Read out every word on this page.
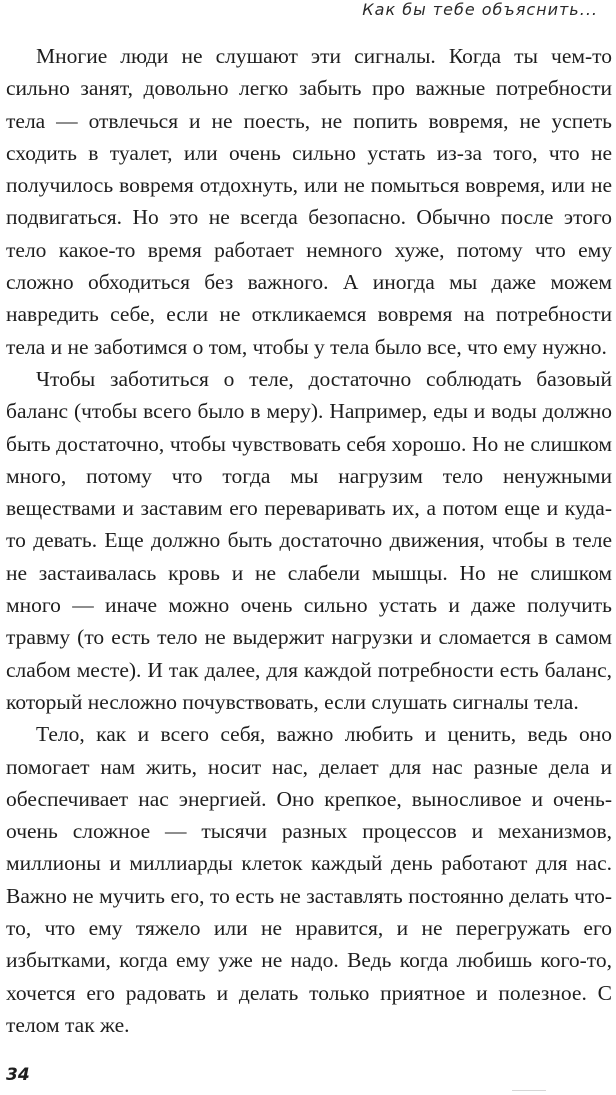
Как бы тебе объяснить...

Многие люди не слушают эти сигналы. Когда ты чем-то сильно занят, довольно легко забыть про важные потребности тела — отвлечься и не поесть, не попить вовремя, не успеть сходить в туалет, или очень сильно устать из-за того, что не получилось вовремя отдохнуть, или не помыться вовремя, или не подвигаться. Но это не всегда безопасно. Обычно после этого тело какое-то время работает немного хуже, потому что ему сложно обходиться без важного. А иногда мы даже можем навредить себе, если не откликаемся вовремя на потребности тела и не заботимся о том, чтобы у тела было все, что ему нужно.

Чтобы заботиться о теле, достаточно соблюдать базовый баланс (чтобы всего было в меру). Например, еды и воды должно быть достаточно, чтобы чувствовать себя хорошо. Но не слишком много, потому что тогда мы нагрузим тело ненужными веществами и заставим его переваривать их, а потом еще и куда-то девать. Еще должно быть достаточно движения, чтобы в теле не застаивалась кровь и не слабели мышцы. Но не слишком много — иначе можно очень сильно устать и даже получить травму (то есть тело не выдержит нагрузки и сломается в самом слабом месте). И так далее, для каждой потребности есть баланс, который несложно почувствовать, если слушать сигналы тела.

Тело, как и всего себя, важно любить и ценить, ведь оно помогает нам жить, носит нас, делает для нас разные дела и обеспечивает нас энергией. Оно крепкое, выносливое и очень-очень сложное — тысячи разных процессов и механизмов, миллионы и миллиарды клеток каждый день работают для нас. Важно не мучить его, то есть не заставлять постоянно делать что-то, что ему тяжело или не нравится, и не перегружать его избытками, когда ему уже не надо. Ведь когда любишь кого-то, хочется его радовать и делать только приятное и полезное. С телом так же.

34
